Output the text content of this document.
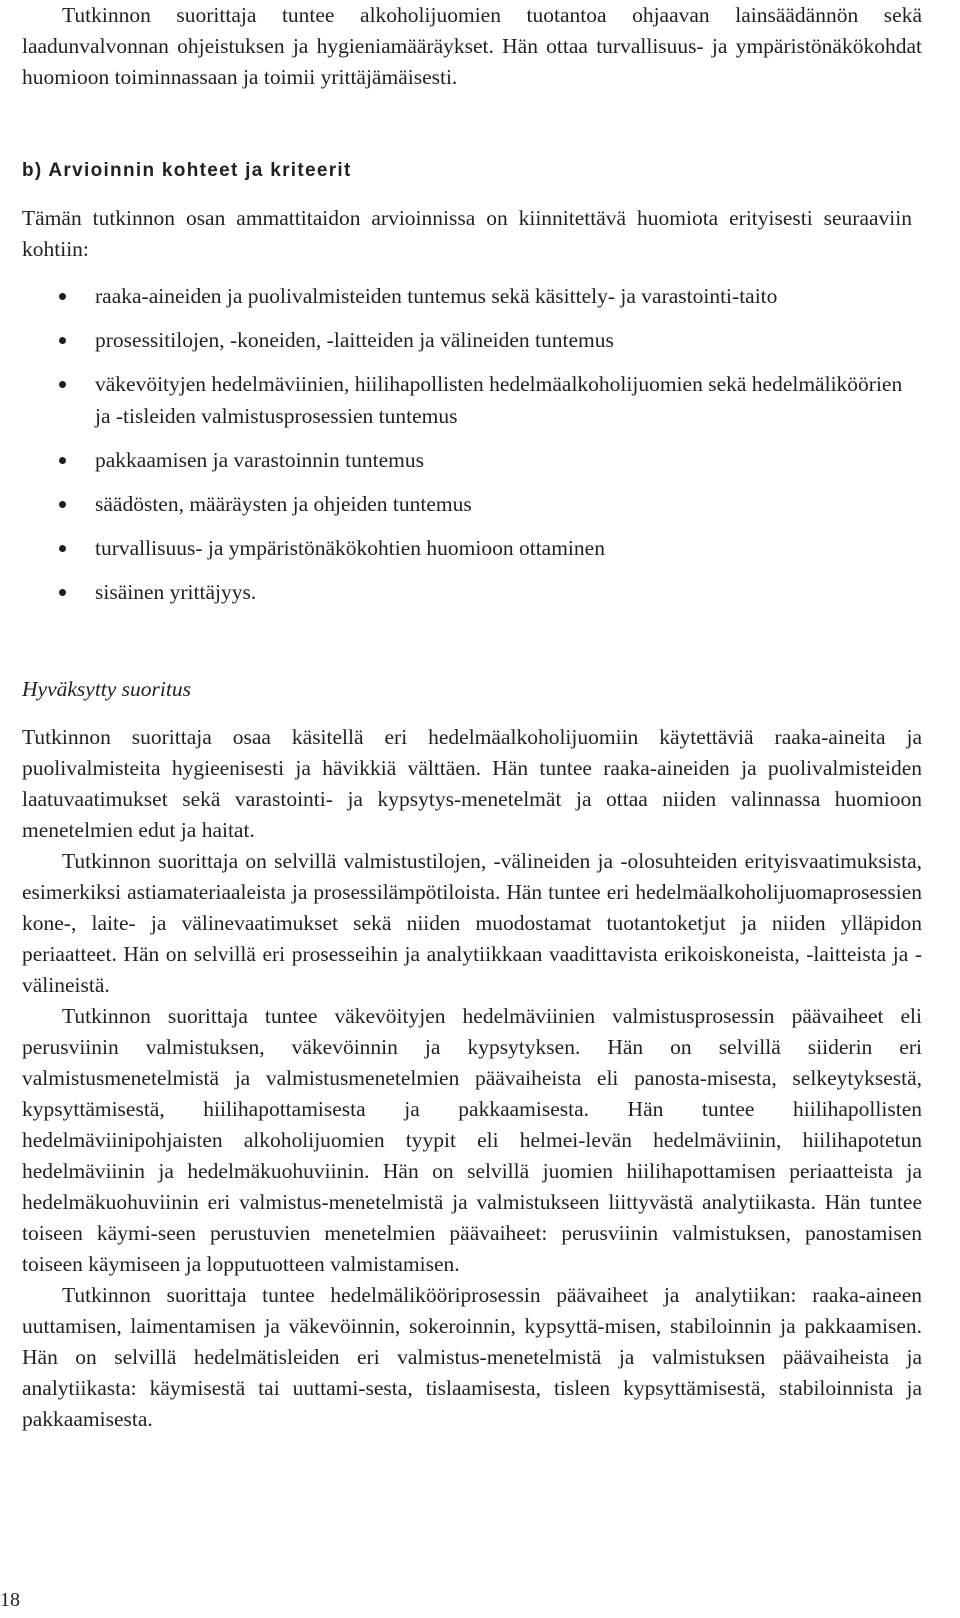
Tutkinnon suorittaja tuntee alkoholijuomien tuotantoa ohjaavan lainsäädännön sekä laadunvalvonnan ohjeistuksen ja hygieniamääräykset. Hän ottaa turvallisuus- ja ympäristönäkökohdat huomioon toiminnassaan ja toimii yrittäjämäisesti.

b) Arvioinnin kohteet ja kriteerit

Tämän tutkinnon osan ammattitaidon arvioinnissa on kiinnitettävä huomiota erityisesti seuraaviin kohtiin:

raaka-aineiden ja puolivalmisteiden tuntemus sekä käsittely- ja varastointi-taito
prosessitilojen, -koneiden, -laitteiden ja välineiden tuntemus
väkevöityjen hedelmäviinien, hiilihapollisten hedelmäalkoholijuomien sekä hedelmäliköörien ja -tisleiden valmistusprosessien tuntemus
pakkaamisen ja varastoinnin tuntemus
säädösten, määräysten ja ohjeiden tuntemus
turvallisuus- ja ympäristönäkökohtien huomioon ottaminen
sisäinen yrittäjyys.

Hyväksytty suoritus

Tutkinnon suorittaja osaa käsitellä eri hedelmäalkoholijuomiin käytettäviä raaka-aineita ja puolivalmisteita hygieenisesti ja hävikkiä välttäen. Hän tuntee raaka-aineiden ja puolivalmisteiden laatuvaatimukset sekä varastointi- ja kypsytys-menetelmät ja ottaa niiden valinnassa huomioon menetelmien edut ja haitat.

Tutkinnon suorittaja on selvillä valmistustilojen, -välineiden ja -olosuhteiden erityisvaatimuksista, esimerkiksi astiamateriaaleista ja prosessilämpötiloista. Hän tuntee eri hedelmäalkoholijuomaprosessien kone-, laite- ja välinevaatimukset sekä niiden muodostamat tuotantoketjut ja niiden ylläpidon periaatteet. Hän on selvillä eri prosesseihin ja analytiikkaan vaadittavista erikoiskoneista, -laitteista ja -välineistä.

Tutkinnon suorittaja tuntee väkevöityjen hedelmäviinien valmistusprosessin päävaiheet eli perusviinin valmistuksen, väkevöinnin ja kypsytyksen. Hän on selvillä siiderin eri valmistusmenetelmistä ja valmistusmenetelmien päävaiheista eli panosta-misesta, selkeytyksestä, kypsyttämisestä, hiilihapottamisesta ja pakkaamisesta. Hän tuntee hiilihapollisten hedelmäviinipohjaisten alkoholijuomien tyypit eli helmei-levän hedelmäviinin, hiilihapotetun hedelmäviinin ja hedelmäkuohuviinin. Hän on selvillä juomien hiilihapottamisen periaatteista ja hedelmäkuohuviinin eri valmistus-menetelmistä ja valmistukseen liittyvästä analytiikasta. Hän tuntee toiseen käymi-seen perustuvien menetelmien päävaiheet: perusviinin valmistuksen, panostamisen toiseen käymiseen ja lopputuotteen valmistamisen.

Tutkinnon suorittaja tuntee hedelmälikööriprosessin päävaiheet ja analytiikan: raaka-aineen uuttamisen, laimentamisen ja väkevöinnin, sokeroinnin, kypsyttä-misen, stabiloinnin ja pakkaamisen. Hän on selvillä hedelmätisleiden eri valmistus-menetelmistä ja valmistuksen päävaiheista ja analytiikasta: käymisestä tai uuttami-sesta, tislaamisesta, tisleen kypsyttämisestä, stabiloinnista ja pakkaamisesta.

18
